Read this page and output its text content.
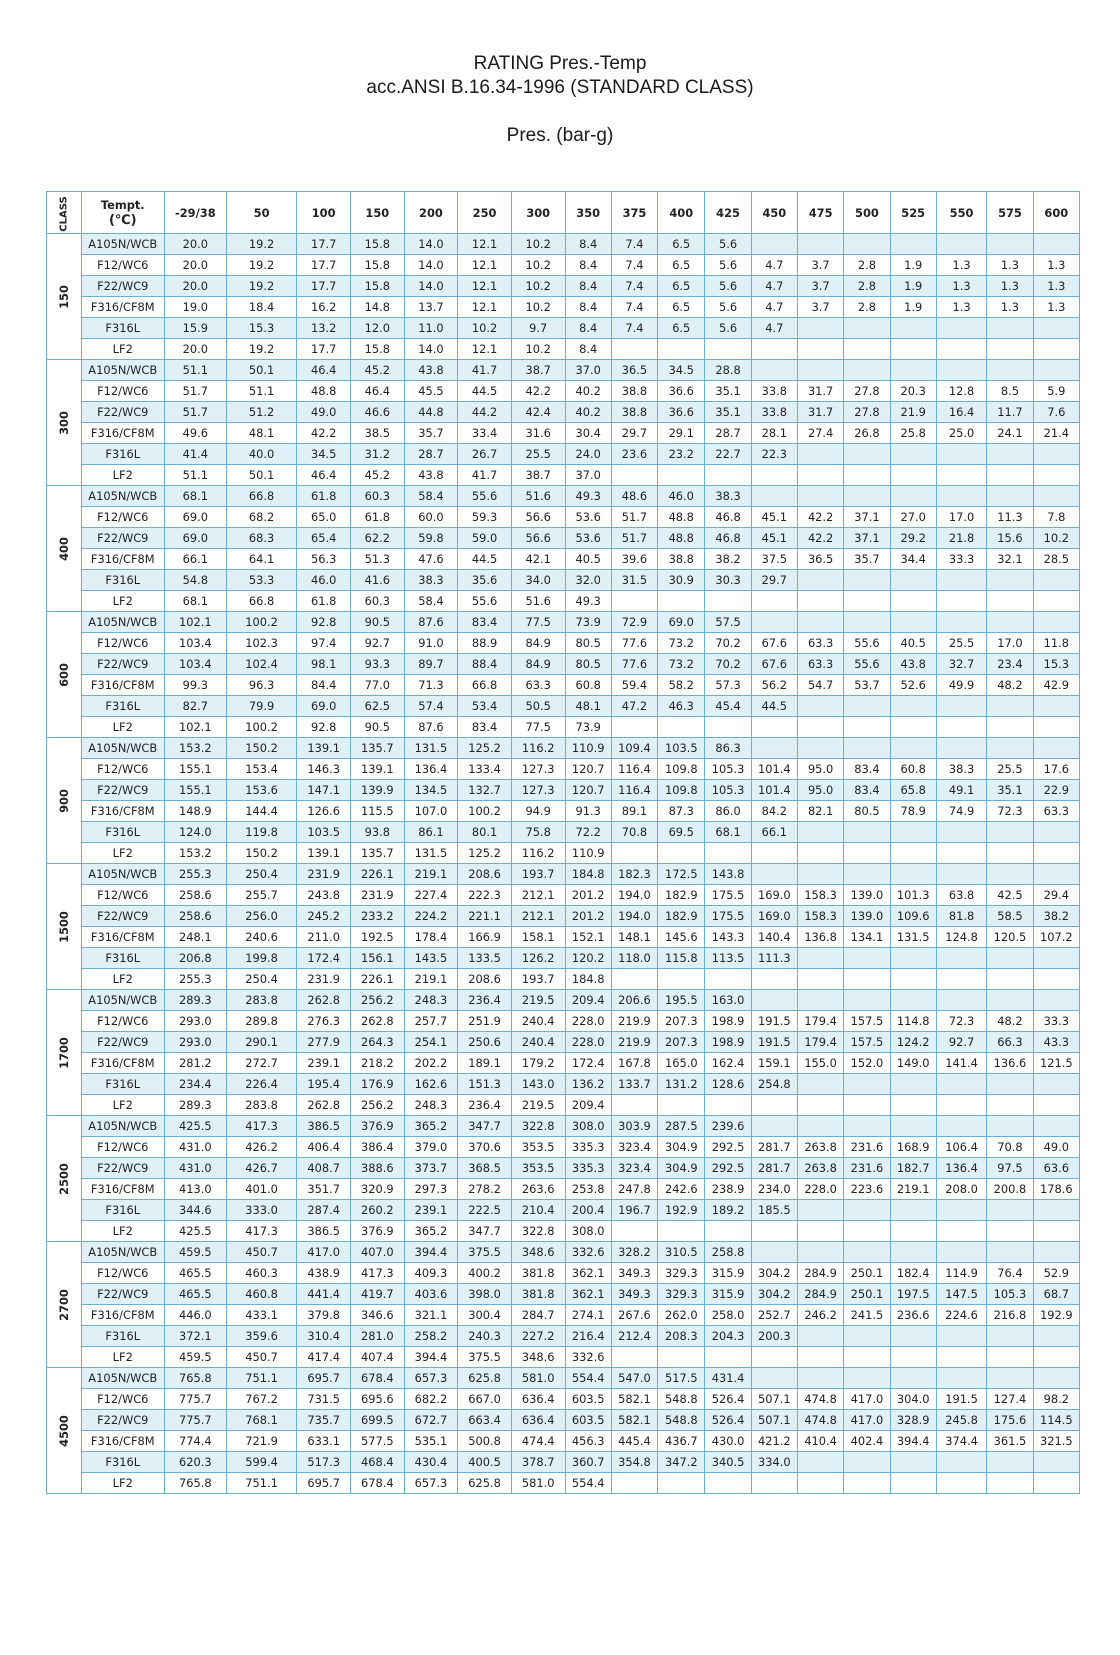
RATING Pres.-Temp
acc.ANSI B.16.34-1996 (STANDARD CLASS)
Pres. (bar-g)
CLASS	Tempt.
(℃)	-29/38	50	100	150	200	250	300	350	375	400	425	450	475	500	525	550	575	600
150	A105N/WCB	20.0	19.2	17.7	15.8	14.0	12.1	10.2	8.4	7.4	6.5	5.6							
	F12/WC6	20.0	19.2	17.7	15.8	14.0	12.1	10.2	8.4	7.4	6.5	5.6	4.7	3.7	2.8	1.9	1.3	1.3	1.3
	F22/WC9	20.0	19.2	17.7	15.8	14.0	12.1	10.2	8.4	7.4	6.5	5.6	4.7	3.7	2.8	1.9	1.3	1.3	1.3
	F316/CF8M	19.0	18.4	16.2	14.8	13.7	12.1	10.2	8.4	7.4	6.5	5.6	4.7	3.7	2.8	1.9	1.3	1.3	1.3
	F316L	15.9	15.3	13.2	12.0	11.0	10.2	9.7	8.4	7.4	6.5	5.6	4.7						
	LF2	20.0	19.2	17.7	15.8	14.0	12.1	10.2	8.4										
300	A105N/WCB	51.1	50.1	46.4	45.2	43.8	41.7	38.7	37.0	36.5	34.5	28.8							
	F12/WC6	51.7	51.1	48.8	46.4	45.5	44.5	42.2	40.2	38.8	36.6	35.1	33.8	31.7	27.8	20.3	12.8	8.5	5.9
	F22/WC9	51.7	51.2	49.0	46.6	44.8	44.2	42.4	40.2	38.8	36.6	35.1	33.8	31.7	27.8	21.9	16.4	11.7	7.6
	F316/CF8M	49.6	48.1	42.2	38.5	35.7	33.4	31.6	30.4	29.7	29.1	28.7	28.1	27.4	26.8	25.8	25.0	24.1	21.4
	F316L	41.4	40.0	34.5	31.2	28.7	26.7	25.5	24.0	23.6	23.2	22.7	22.3						
	LF2	51.1	50.1	46.4	45.2	43.8	41.7	38.7	37.0										
400	A105N/WCB	68.1	66.8	61.8	60.3	58.4	55.6	51.6	49.3	48.6	46.0	38.3							
	F12/WC6	69.0	68.2	65.0	61.8	60.0	59.3	56.6	53.6	51.7	48.8	46.8	45.1	42.2	37.1	27.0	17.0	11.3	7.8
	F22/WC9	69.0	68.3	65.4	62.2	59.8	59.0	56.6	53.6	51.7	48.8	46.8	45.1	42.2	37.1	29.2	21.8	15.6	10.2
	F316/CF8M	66.1	64.1	56.3	51.3	47.6	44.5	42.1	40.5	39.6	38.8	38.2	37.5	36.5	35.7	34.4	33.3	32.1	28.5
	F316L	54.8	53.3	46.0	41.6	38.3	35.6	34.0	32.0	31.5	30.9	30.3	29.7						
	LF2	68.1	66.8	61.8	60.3	58.4	55.6	51.6	49.3										
600	A105N/WCB	102.1	100.2	92.8	90.5	87.6	83.4	77.5	73.9	72.9	69.0	57.5							
	F12/WC6	103.4	102.3	97.4	92.7	91.0	88.9	84.9	80.5	77.6	73.2	70.2	67.6	63.3	55.6	40.5	25.5	17.0	11.8
	F22/WC9	103.4	102.4	98.1	93.3	89.7	88.4	84.9	80.5	77.6	73.2	70.2	67.6	63.3	55.6	43.8	32.7	23.4	15.3
	F316/CF8M	99.3	96.3	84.4	77.0	71.3	66.8	63.3	60.8	59.4	58.2	57.3	56.2	54.7	53.7	52.6	49.9	48.2	42.9
	F316L	82.7	79.9	69.0	62.5	57.4	53.4	50.5	48.1	47.2	46.3	45.4	44.5						
	LF2	102.1	100.2	92.8	90.5	87.6	83.4	77.5	73.9										
900	A105N/WCB	153.2	150.2	139.1	135.7	131.5	125.2	116.2	110.9	109.4	103.5	86.3							
	F12/WC6	155.1	153.4	146.3	139.1	136.4	133.4	127.3	120.7	116.4	109.8	105.3	101.4	95.0	83.4	60.8	38.3	25.5	17.6
	F22/WC9	155.1	153.6	147.1	139.9	134.5	132.7	127.3	120.7	116.4	109.8	105.3	101.4	95.0	83.4	65.8	49.1	35.1	22.9
	F316/CF8M	148.9	144.4	126.6	115.5	107.0	100.2	94.9	91.3	89.1	87.3	86.0	84.2	82.1	80.5	78.9	74.9	72.3	63.3
	F316L	124.0	119.8	103.5	93.8	86.1	80.1	75.8	72.2	70.8	69.5	68.1	66.1						
	LF2	153.2	150.2	139.1	135.7	131.5	125.2	116.2	110.9										
1500	A105N/WCB	255.3	250.4	231.9	226.1	219.1	208.6	193.7	184.8	182.3	172.5	143.8							
	F12/WC6	258.6	255.7	243.8	231.9	227.4	222.3	212.1	201.2	194.0	182.9	175.5	169.0	158.3	139.0	101.3	63.8	42.5	29.4
	F22/WC9	258.6	256.0	245.2	233.2	224.2	221.1	212.1	201.2	194.0	182.9	175.5	169.0	158.3	139.0	109.6	81.8	58.5	38.2
	F316/CF8M	248.1	240.6	211.0	192.5	178.4	166.9	158.1	152.1	148.1	145.6	143.3	140.4	136.8	134.1	131.5	124.8	120.5	107.2
	F316L	206.8	199.8	172.4	156.1	143.5	133.5	126.2	120.2	118.0	115.8	113.5	111.3						
	LF2	255.3	250.4	231.9	226.1	219.1	208.6	193.7	184.8										
1700	A105N/WCB	289.3	283.8	262.8	256.2	248.3	236.4	219.5	209.4	206.6	195.5	163.0							
	F12/WC6	293.0	289.8	276.3	262.8	257.7	251.9	240.4	228.0	219.9	207.3	198.9	191.5	179.4	157.5	114.8	72.3	48.2	33.3
	F22/WC9	293.0	290.1	277.9	264.3	254.1	250.6	240.4	228.0	219.9	207.3	198.9	191.5	179.4	157.5	124.2	92.7	66.3	43.3
	F316/CF8M	281.2	272.7	239.1	218.2	202.2	189.1	179.2	172.4	167.8	165.0	162.4	159.1	155.0	152.0	149.0	141.4	136.6	121.5
	F316L	234.4	226.4	195.4	176.9	162.6	151.3	143.0	136.2	133.7	131.2	128.6	254.8						
	LF2	289.3	283.8	262.8	256.2	248.3	236.4	219.5	209.4										
2500	A105N/WCB	425.5	417.3	386.5	376.9	365.2	347.7	322.8	308.0	303.9	287.5	239.6							
	F12/WC6	431.0	426.2	406.4	386.4	379.0	370.6	353.5	335.3	323.4	304.9	292.5	281.7	263.8	231.6	168.9	106.4	70.8	49.0
	F22/WC9	431.0	426.7	408.7	388.6	373.7	368.5	353.5	335.3	323.4	304.9	292.5	281.7	263.8	231.6	182.7	136.4	97.5	63.6
	F316/CF8M	413.0	401.0	351.7	320.9	297.3	278.2	263.6	253.8	247.8	242.6	238.9	234.0	228.0	223.6	219.1	208.0	200.8	178.6
	F316L	344.6	333.0	287.4	260.2	239.1	222.5	210.4	200.4	196.7	192.9	189.2	185.5						
	LF2	425.5	417.3	386.5	376.9	365.2	347.7	322.8	308.0										
2700	A105N/WCB	459.5	450.7	417.0	407.0	394.4	375.5	348.6	332.6	328.2	310.5	258.8							
	F12/WC6	465.5	460.3	438.9	417.3	409.3	400.2	381.8	362.1	349.3	329.3	315.9	304.2	284.9	250.1	182.4	114.9	76.4	52.9
	F22/WC9	465.5	460.8	441.4	419.7	403.6	398.0	381.8	362.1	349.3	329.3	315.9	304.2	284.9	250.1	197.5	147.5	105.3	68.7
	F316/CF8M	446.0	433.1	379.8	346.6	321.1	300.4	284.7	274.1	267.6	262.0	258.0	252.7	246.2	241.5	236.6	224.6	216.8	192.9
	F316L	372.1	359.6	310.4	281.0	258.2	240.3	227.2	216.4	212.4	208.3	204.3	200.3						
	LF2	459.5	450.7	417.4	407.4	394.4	375.5	348.6	332.6										
4500	A105N/WCB	765.8	751.1	695.7	678.4	657.3	625.8	581.0	554.4	547.0	517.5	431.4							
	F12/WC6	775.7	767.2	731.5	695.6	682.2	667.0	636.4	603.5	582.1	548.8	526.4	507.1	474.8	417.0	304.0	191.5	127.4	98.2
	F22/WC9	775.7	768.1	735.7	699.5	672.7	663.4	636.4	603.5	582.1	548.8	526.4	507.1	474.8	417.0	328.9	245.8	175.6	114.5
	F316/CF8M	774.4	721.9	633.1	577.5	535.1	500.8	474.4	456.3	445.4	436.7	430.0	421.2	410.4	402.4	394.4	374.4	361.5	321.5
	F316L	620.3	599.4	517.3	468.4	430.4	400.5	378.7	360.7	354.8	347.2	340.5	334.0						
	LF2	765.8	751.1	695.7	678.4	657.3	625.8	581.0	554.4										
